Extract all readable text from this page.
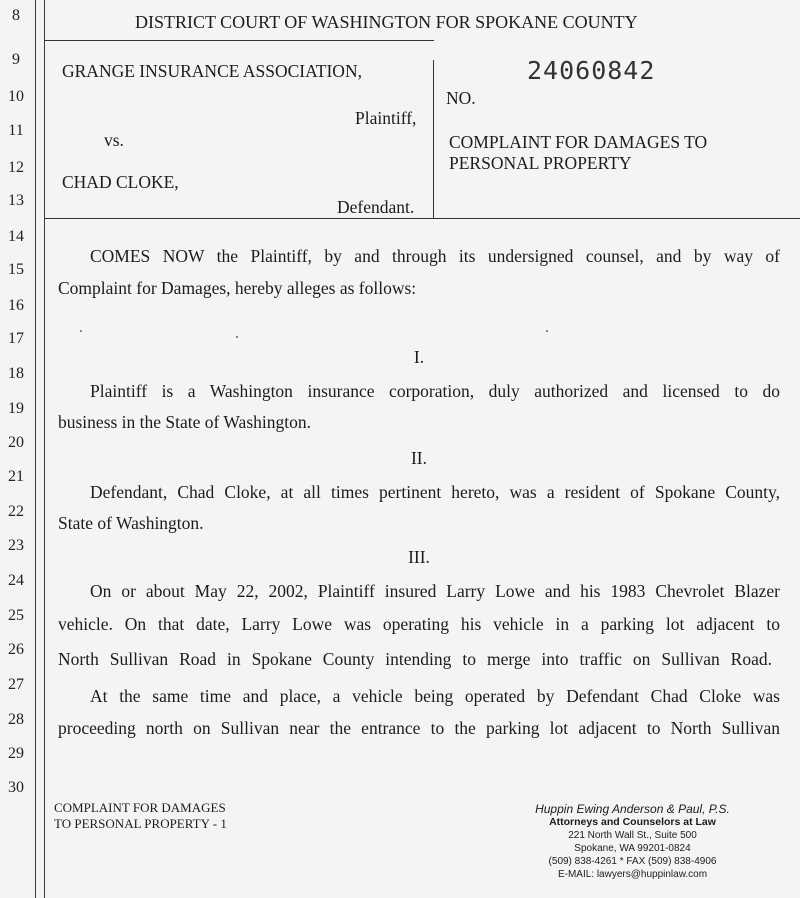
8
9
10
11
12
13
14
15
16
17
18
19
20
21
22
23
24
25
26
27
28
29
30
DISTRICT COURT OF WASHINGTON FOR SPOKANE COUNTY
24060842
GRANGE INSURANCE ASSOCIATION,
Plaintiff,
vs.
CHAD CLOKE,
Defendant.
NO.
COMPLAINT FOR DAMAGES TO
PERSONAL PROPERTY
COMES NOW the Plaintiff, by and through its undersigned counsel, and by way of
Complaint for Damages, hereby alleges as follows:
I.
Plaintiff is a Washington insurance corporation, duly authorized and licensed to do
business in the State of Washington.
II.
Defendant, Chad Cloke, at all times pertinent hereto, was a resident of Spokane County,
State of Washington.
III.
On or about May 22, 2002, Plaintiff insured Larry Lowe and his 1983 Chevrolet Blazer
vehicle. On that date, Larry Lowe was operating his vehicle in a parking lot adjacent to
North Sullivan Road in Spokane County intending to merge into traffic on Sullivan Road.
At the same time and place, a vehicle being operated by Defendant Chad Cloke was
proceeding north on Sullivan near the entrance to the parking lot adjacent to North Sullivan
COMPLAINT FOR DAMAGES
TO PERSONAL PROPERTY - 1
Huppin Ewing Anderson & Paul, P.S.
Attorneys and Counselors at Law
221 North Wall St., Suite 500
Spokane, WA 99201-0824
(509) 838-4261 * FAX (509) 838-4906
E-MAIL: lawyers@huppinlaw.com
